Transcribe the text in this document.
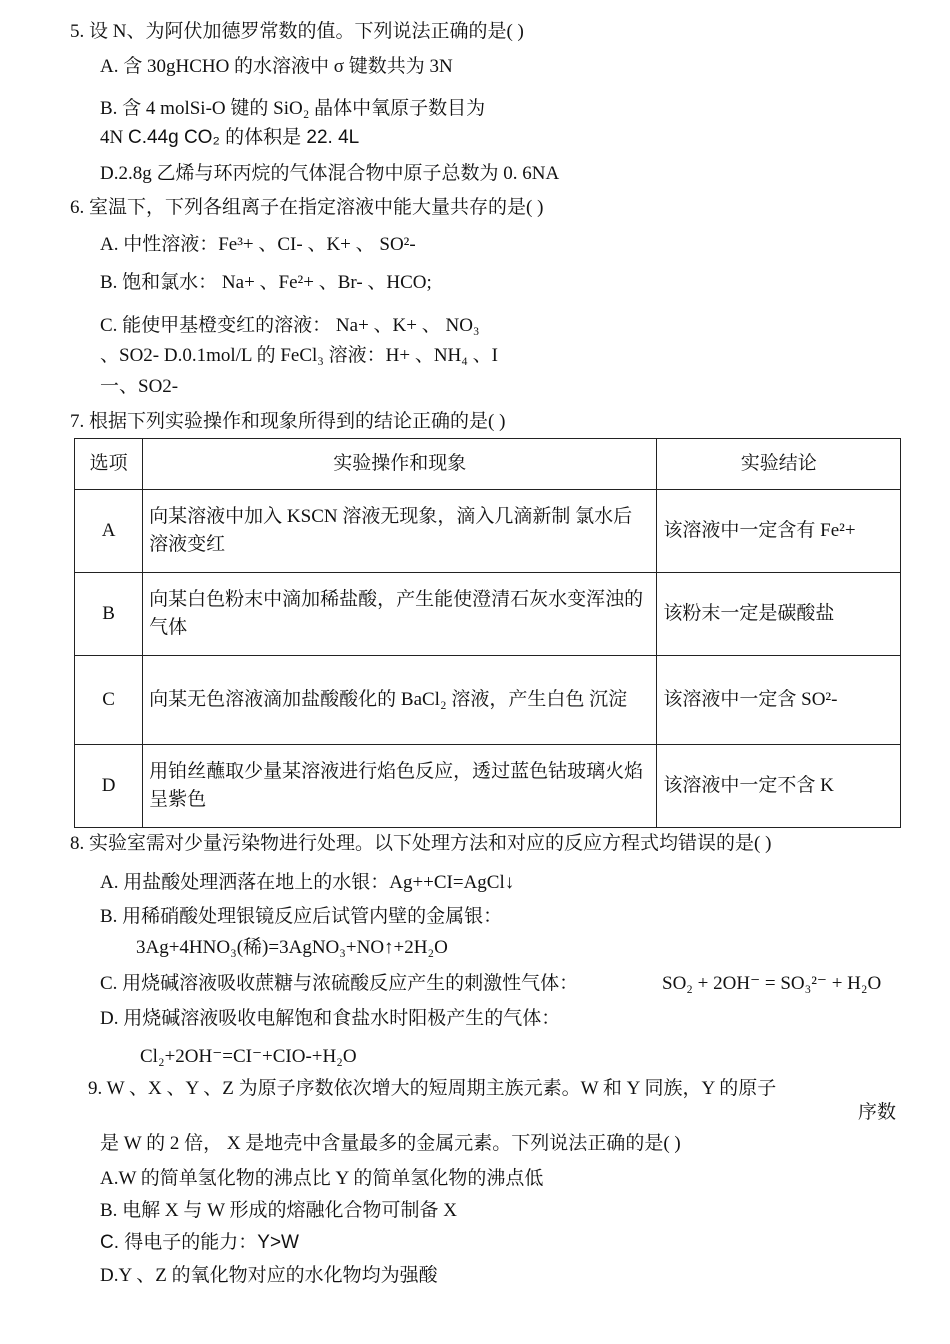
5. 设 N、为阿伏加德罗常数的值。下列说法正确的是( )
A. 含 30gHCHO 的水溶液中 σ 键数共为 3N
B. 含 4 molSi-O 键的 SiO₂ 晶体中氧原子数目为
4N C.44g CO₂ 的体积是 22. 4L
D.2.8g 乙烯与环丙烷的气体混合物中原子总数为 0. 6NA
6. 室温下，下列各组离子在指定溶液中能大量共存的是( )
A. 中性溶液：Fe³+ 、CI- 、K+ 、 SO²-
B. 饱和氯水： Na+ 、Fe²+ 、Br- 、HCO;
C. 能使甲基橙变红的溶液： Na+ 、K+ 、 NO₃
、SO2- D.0.1mol/L 的 FeCl₃ 溶液：H+ 、NH₄ 、I
一、SO2-
7. 根据下列实验操作和现象所得到的结论正确的是( )
选项	实验操作和现象	实验结论
A	向某溶液中加入 KSCN 溶液无现象，滴入几滴新制 氯水后溶液变红	该溶液中一定含有 Fe²+
B	向某白色粉末中滴加稀盐酸，产生能使澄清石灰水变浑浊的气体	该粉末一定是碳酸盐
C	向某无色溶液滴加盐酸酸化的 BaCl₂ 溶液，产生白色 沉淀	该溶液中一定含 SO²-
D	用铂丝蘸取少量某溶液进行焰色反应，透过蓝色钴玻璃火焰呈紫色	该溶液中一定不含 K
8. 实验室需对少量污染物进行处理。以下处理方法和对应的反应方程式均错误的是( )
A. 用盐酸处理洒落在地上的水银：Ag++CI=AgCl↓
B. 用稀硝酸处理银镜反应后试管内壁的金属银：
3Ag+4HNO₃(稀)=3AgNO₃+NO↑+2H₂O
C. 用烧碱溶液吸收蔗糖与浓硫酸反应产生的刺激性气体：	SO₂ + 2OH⁻ = SO₃²⁻ + H₂O
D. 用烧碱溶液吸收电解饱和食盐水时阳极产生的气体：
Cl₂+2OH⁻=CI⁻+CIO-+H₂O
9. W 、X 、Y 、Z 为原子序数依次增大的短周期主族元素。W 和 Y 同族，Y 的原子
序数
是 W 的 2 倍， X 是地壳中含量最多的金属元素。下列说法正确的是( )
A.W 的简单氢化物的沸点比 Y 的简单氢化物的沸点低
B. 电解 X 与 W 形成的熔融化合物可制备 X
C. 得电子的能力：Y>W
D.Y 、Z 的氧化物对应的水化物均为强酸
